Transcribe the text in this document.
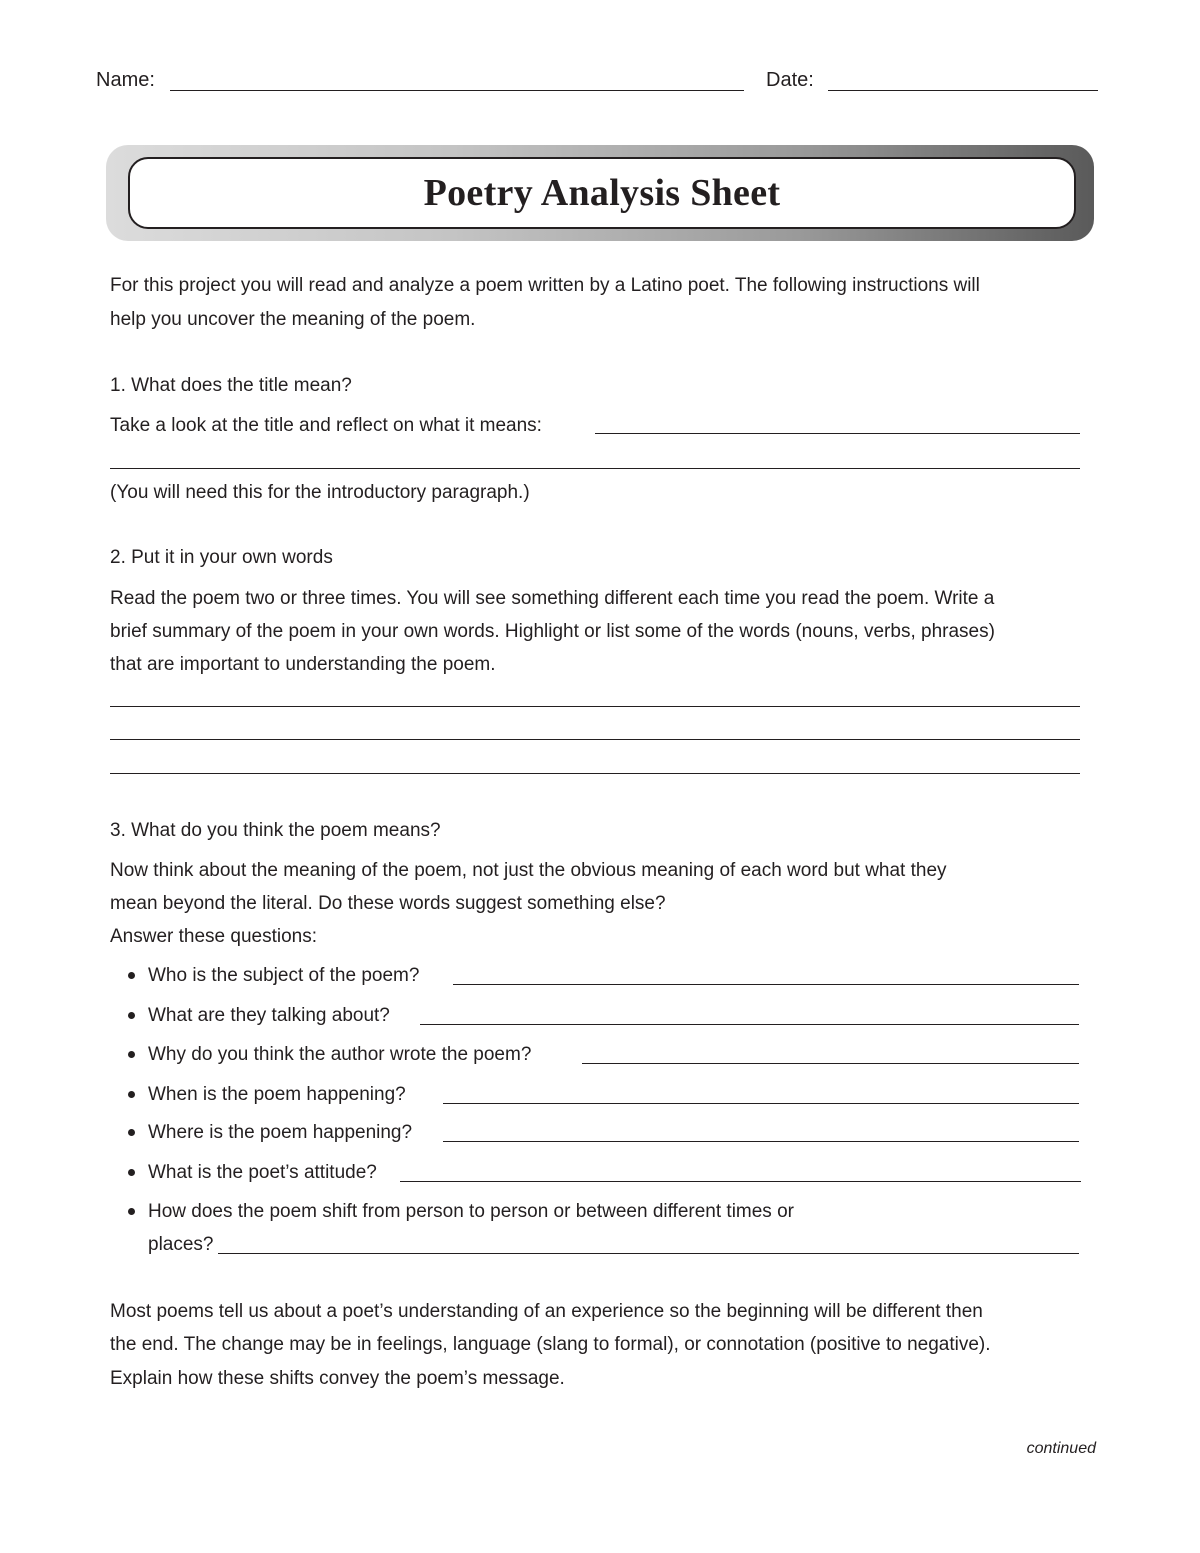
Name:	Date:
Poetry Analysis Sheet
For this project you will read and analyze a poem written by a Latino poet. The following instructions will
help you uncover the meaning of the poem.
1. What does the title mean?
Take a look at the title and reflect on what it means:
(You will need this for the introductory paragraph.)
2. Put it in your own words
Read the poem two or three times. You will see something different each time you read the poem. Write a
brief summary of the poem in your own words. Highlight or list some of the words (nouns, verbs, phrases)
that are important to understanding the poem.
3. What do you think the poem means?
Now think about the meaning of the poem, not just the obvious meaning of each word but what they
mean beyond the literal. Do these words suggest something else?
Answer these questions:
Who is the subject of the poem?
What are they talking about?
Why do you think the author wrote the poem?
When is the poem happening?
Where is the poem happening?
What is the poet’s attitude?
How does the poem shift from person to person or between different times or
places?
Most poems tell us about a poet’s understanding of an experience so the beginning will be different then
the end. The change may be in feelings, language (slang to formal), or connotation (positive to negative).
Explain how these shifts convey the poem’s message.
continued
